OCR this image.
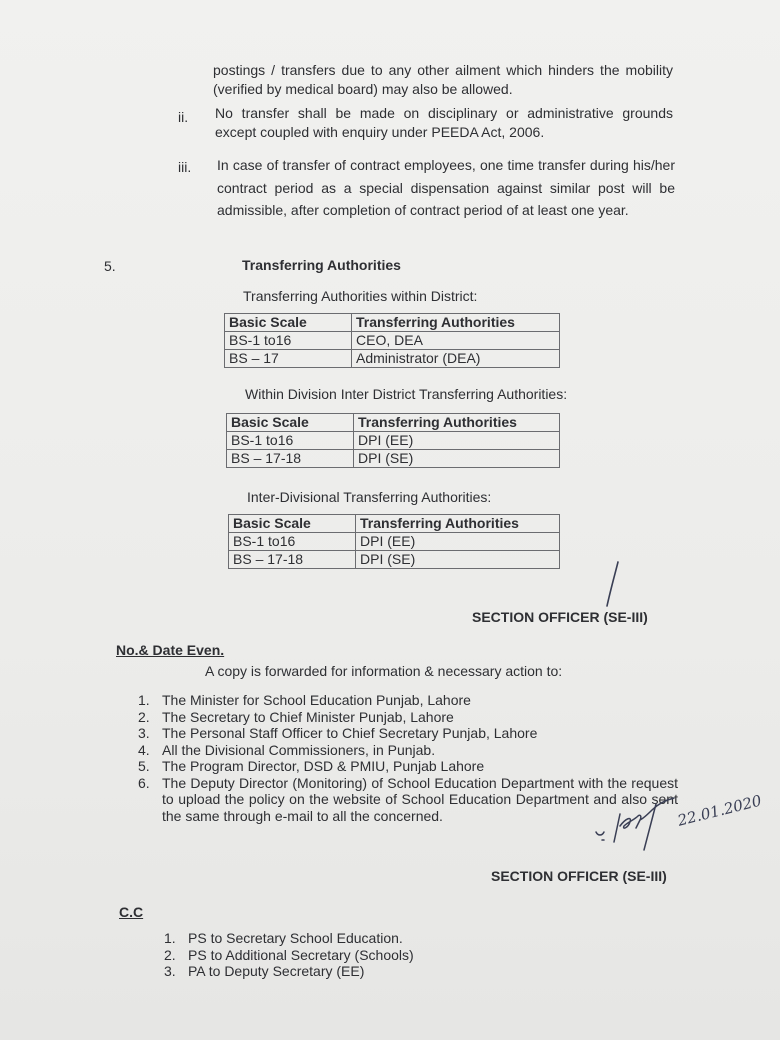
postings / transfers due to any other ailment which hinders the mobility (verified by medical board) may also be allowed.
ii. No transfer shall be made on disciplinary or administrative grounds except coupled with enquiry under PEEDA Act, 2006.
iii. In case of transfer of contract employees, one time transfer during his/her contract period as a special dispensation against similar post will be admissible, after completion of contract period of at least one year.
5.	Transferring Authorities
Transferring Authorities within District:
Basic Scale	Transferring Authorities
BS-1 to16	CEO, DEA
BS – 17	Administrator (DEA)
Within Division Inter District Transferring Authorities:
Basic Scale	Transferring Authorities
BS-1 to16	DPI (EE)
BS – 17-18	DPI (SE)
Inter-Divisional Transferring Authorities:
Basic Scale	Transferring Authorities
BS-1 to16	DPI (EE)
BS – 17-18	DPI (SE)
SECTION OFFICER (SE-III)
No.& Date Even.
A copy is forwarded for information & necessary action to:
1. The Minister for School Education Punjab, Lahore
2. The Secretary to Chief Minister Punjab, Lahore
3. The Personal Staff Officer to Chief Secretary Punjab, Lahore
4. All the Divisional Commissioners, in Punjab.
5. The Program Director, DSD & PMIU, Punjab Lahore
6. The Deputy Director (Monitoring) of School Education Department with the request to upload the policy on the website of School Education Department and also sent the same through e-mail to all the concerned.	22.01.2020
SECTION OFFICER (SE-III)
C.C
1. PS to Secretary School Education.
2. PS to Additional Secretary (Schools)
3. PA to Deputy Secretary (EE)
